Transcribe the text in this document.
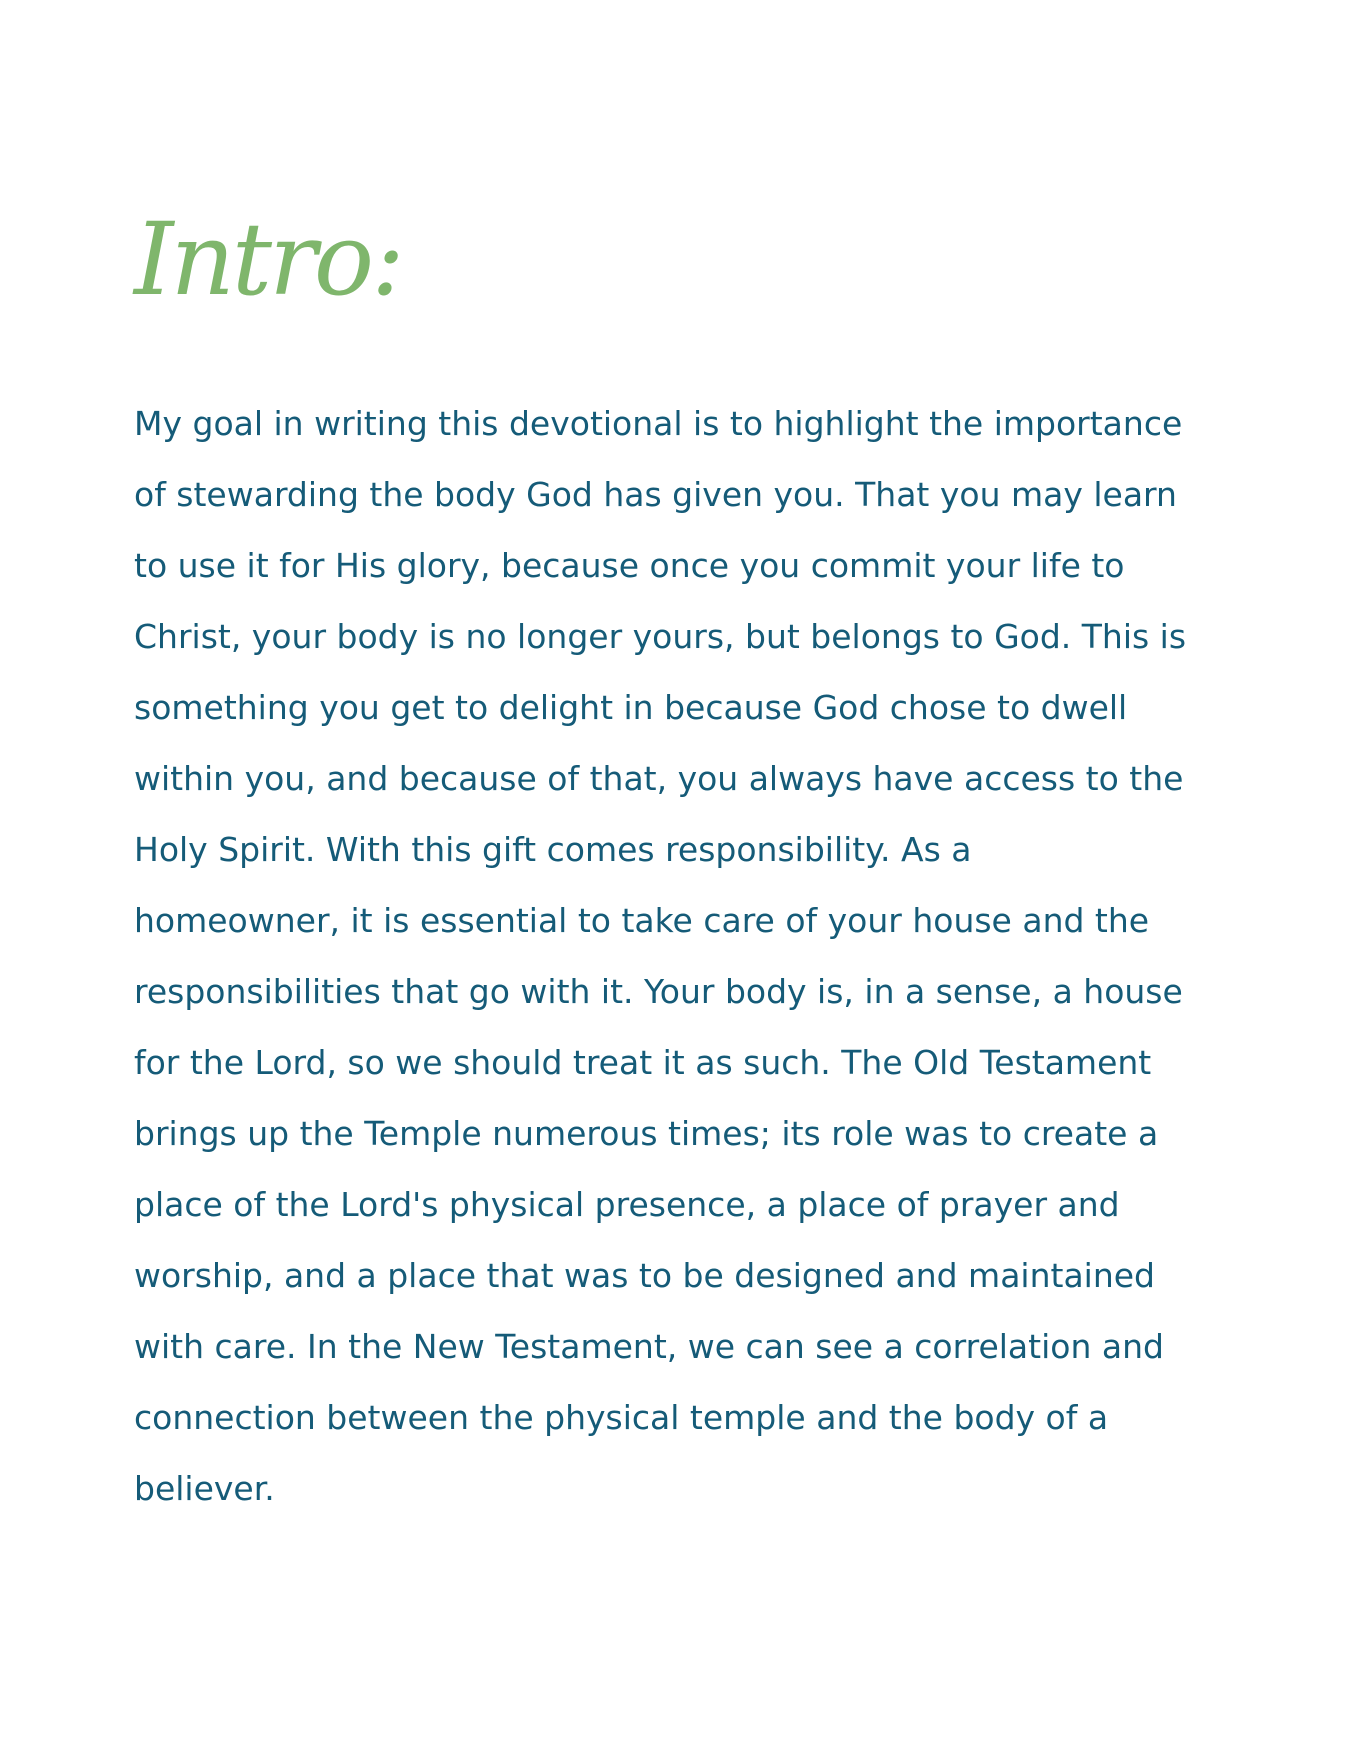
Intro:

My goal in writing this devotional is to highlight the importance
of stewarding the body God has given you. That you may learn
to use it for His glory, because once you commit your life to
Christ, your body is no longer yours, but belongs to God. This is
something you get to delight in because God chose to dwell
within you, and because of that, you always have access to the
Holy Spirit. With this gift comes responsibility. As a
homeowner, it is essential to take care of your house and the
responsibilities that go with it. Your body is, in a sense, a house
for the Lord, so we should treat it as such. The Old Testament
brings up the Temple numerous times; its role was to create a
place of the Lord's physical presence, a place of prayer and
worship, and a place that was to be designed and maintained
with care. In the New Testament, we can see a correlation and
connection between the physical temple and the body of a
believer.
